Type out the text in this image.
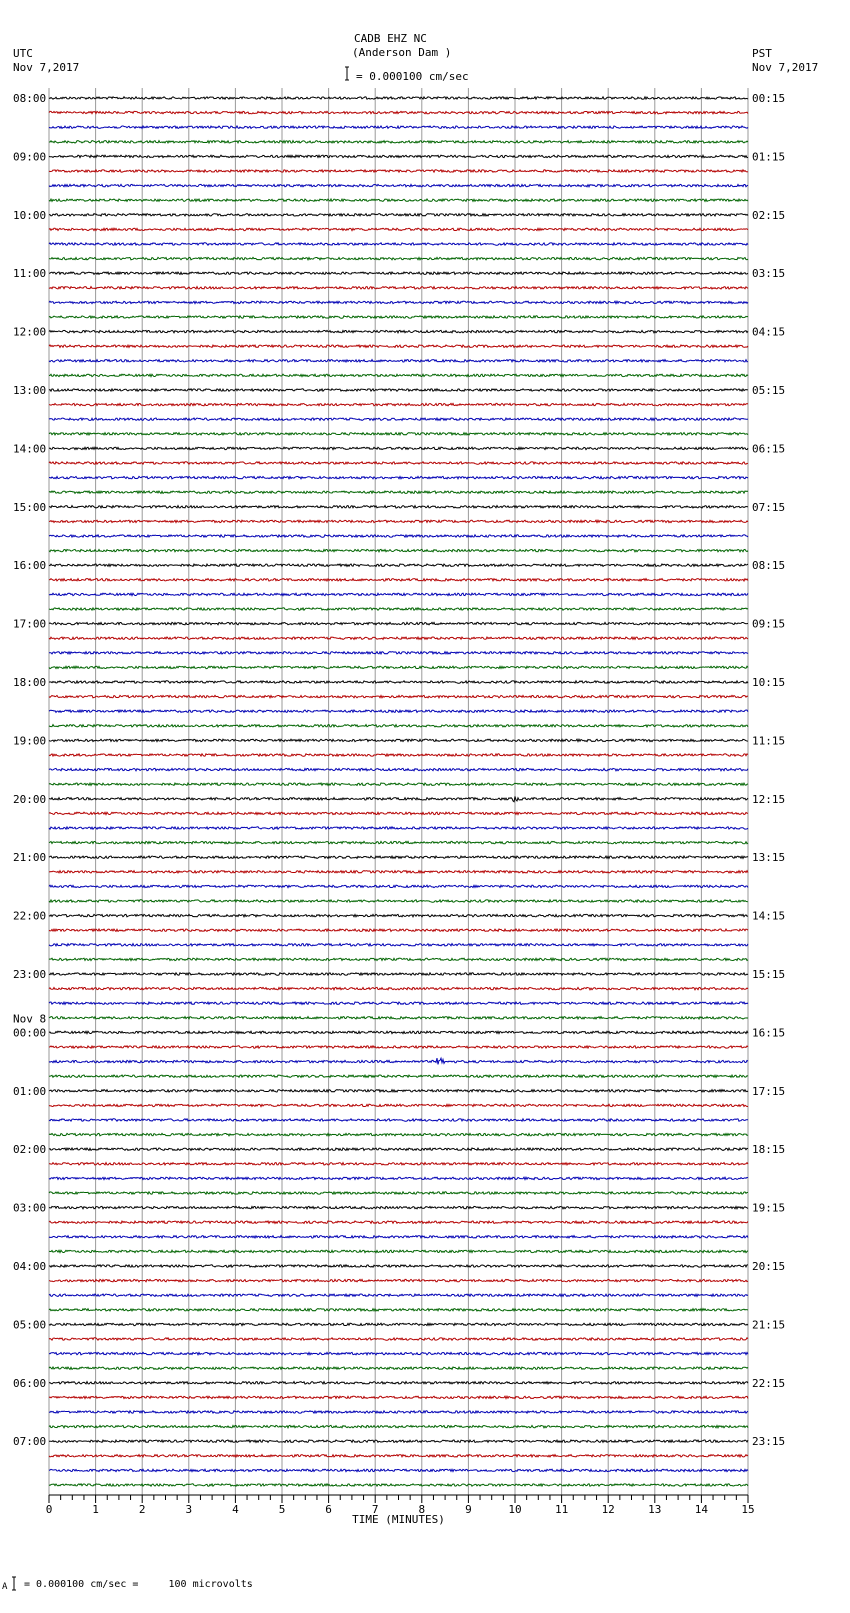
CADB EHZ NC
(Anderson Dam )
= 0.000100 cm/sec
UTC
Nov 7,2017
PST
Nov 7,2017
08:00
09:00
10:00
11:00
12:00
13:00
14:00
15:00
16:00
17:00
18:00
19:00
20:00
21:00
22:00
23:00
00:00
Nov 8
01:00
02:00
03:00
04:00
05:00
06:00
07:00
00:15
01:15
02:15
03:15
04:15
05:15
06:15
07:15
08:15
09:15
10:15
11:15
12:15
13:15
14:15
15:15
16:15
17:15
18:15
19:15
20:15
21:15
22:15
23:15
0	1	2	3	4	5	6	7	8	9	10	11	12	13	14	15
TIME (MINUTES)
A = 0.000100 cm/sec =     100 microvolts
